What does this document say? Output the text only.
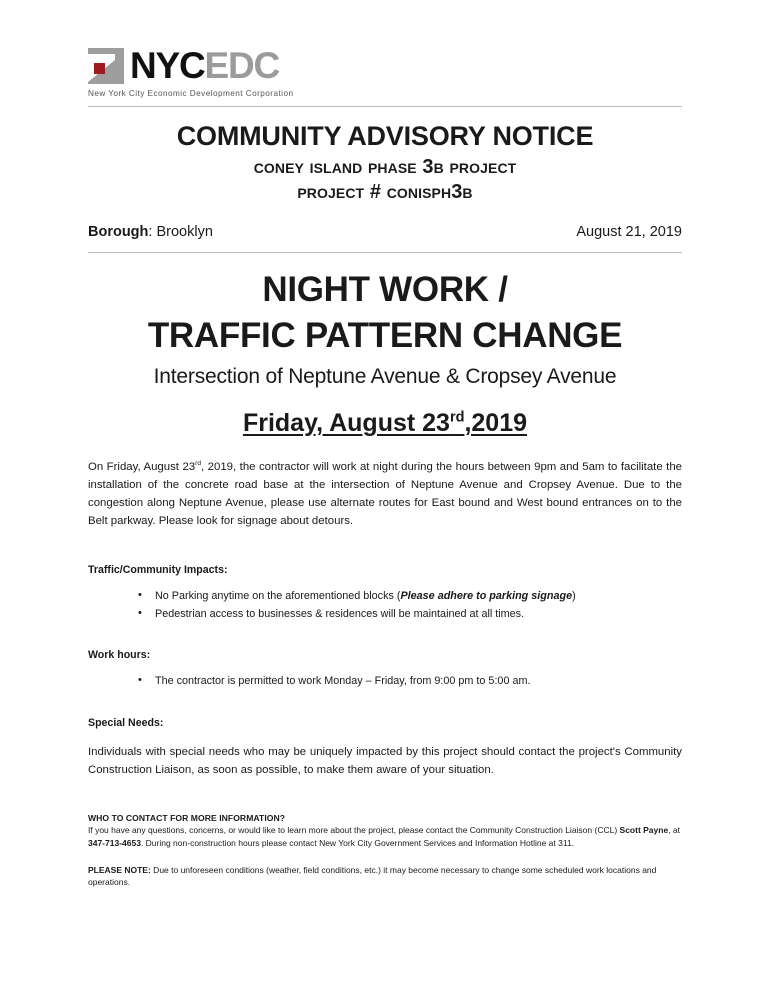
NYCEDC
New York City Economic Development Corporation
COMMUNITY ADVISORY NOTICE
coney island phase 3b project
project # conisph3b
Borough: Brooklyn	August 21, 2019
NIGHT WORK /
TRAFFIC PATTERN CHANGE
Intersection of Neptune Avenue & Cropsey Avenue
Friday, August 23rd,2019

On Friday, August 23rd, 2019, the contractor will work at night during the hours between 9pm and 5am to facilitate the installation of the concrete road base at the intersection of Neptune Avenue and Cropsey Avenue. Due to the congestion along Neptune Avenue, please use alternate routes for East bound and West bound entrances on to the Belt parkway. Please look for signage about detours.

Traffic/Community Impacts:
• No Parking anytime on the aforementioned blocks (Please adhere to parking signage)
• Pedestrian access to businesses & residences will be maintained at all times.
Work hours:
• The contractor is permitted to work Monday – Friday, from 9:00 pm to 5:00 am.
Special Needs:

Individuals with special needs who may be uniquely impacted by this project should contact the project's Community Construction Liaison, as soon as possible, to make them aware of your situation.

WHO TO CONTACT FOR MORE INFORMATION?
If you have any questions, concerns, or would like to learn more about the project, please contact the Community Construction Liaison (CCL) Scott Payne, at 347-713-4653. During non-construction hours please contact New York City Government Services and Information Hotline at 311.
PLEASE NOTE: Due to unforeseen conditions (weather, field conditions, etc.) it may become necessary to change some scheduled work locations and operations.
